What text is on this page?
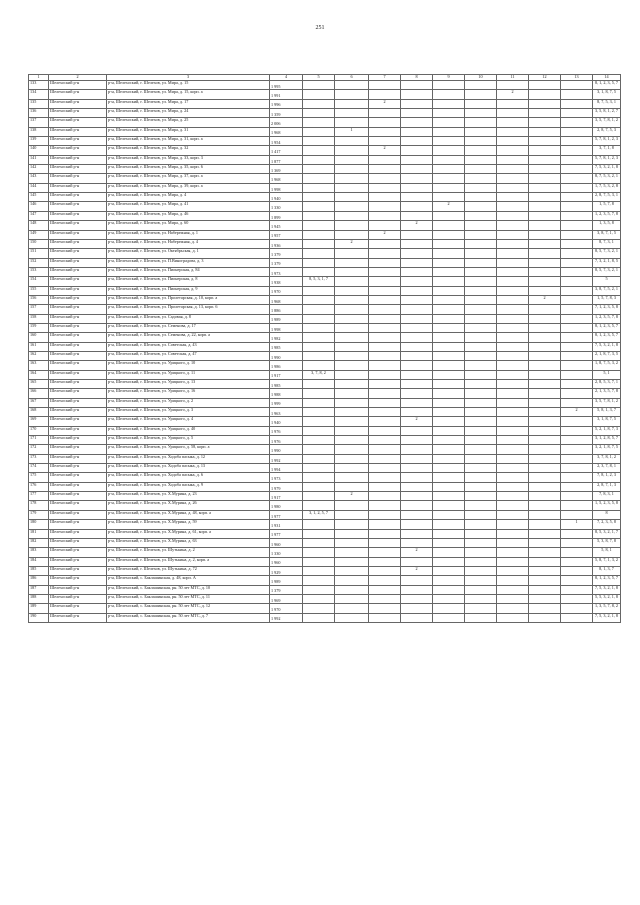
251
1	2	3	4	5	6	7	8	9	10	11	12	13	14
133	Шелехоский р-н	р-н, Шелехоский, г. Шелехов, ул. Мира, д. 15	1 995										8, 1, 2, 3, 5, 7
134	Шелехоский р-н	р-н, Шелехоский, г. Шелехов, ул. Мира, д. 15, корп. а	1 991							2			3, 1, 8, 7, 5
135	Шелехоский р-н	р-н, Шелехоский, г. Шелехов, ул. Мира, д. 17	1 996			2							8, 7, 5, 3, 1
136	Шелехоский р-н	р-н, Шелехоский, г. Шелехов, ул. Мира, д. 24	1 359										3, 5, 8, 1, 2, 7
137	Шелехоский р-н	р-н, Шелехоский, г. Шелехов, ул. Мира, д. 25	2 006										3, 5, 7, 8, 1, 2
138	Шелехоский р-н	р-н, Шелехоский, г. Шелехов, ул. Мира, д. 31	1 968		1								2, 8, 7, 5, 3
139	Шелехоский р-н	р-н, Шелехоский, г. Шелехов, ул. Мира, д. 31, корп. а	1 954										5, 7, 8, 1, 2, 3
140	Шелехоский р-н	р-н, Шелехоский, г. Шелехов, ул. Мира, д. 32	1 417			2							3, 7, 1, 8
141	Шелехоский р-н	р-н, Шелехоский, г. Шелехов, ул. Мира, д. 33, корп. 3	1 877										5, 7, 8, 1, 2, 3
142	Шелехоский р-н	р-н, Шелехоский, г. Шелехов, ул. Мира, д. 35, корп. 6	1 369										7, 5, 3, 2, 1, 8
143	Шелехоский р-н	р-н, Шелехоский, г. Шелехов, ул. Мира, д. 37, корп. а	1 968										8, 7, 5, 3, 2, 1
144	Шелехоский р-н	р-н, Шелехоский, г. Шелехов, ул. Мира, д. 39, корп. а	1 998										1, 7, 5, 3, 2, 8
145	Шелехоский р-н	р-н, Шелехоский, г. Шелехов, ул. Мира, д. 4	1 940										2, 8, 7, 5, 3, 1
146	Шелехоский р-н	р-н, Шелехоский, г. Шелехов, ул. Мира, д. 41	1 330					2					1, 5, 7, 8
147	Шелехоский р-н	р-н, Шелехоский, г. Шелехов, ул. Мира, д. 46	1 899										1, 2, 3, 5, 7, 8
148	Шелехоский р-н	р-н, Шелехоский, г. Шелехов, ул. Мира, д. 60	1 945				2						1, 3, 5, 8
149	Шелехоский р-н	р-н, Шелехоский, г. Шелехов, ул. Набережная, д. 1	1 957			2							3, 8, 7, 1, 5
150	Шелехоский р-н	р-н, Шелехоский, г. Шелехов, ул. Набережная, д. 4	1 936		2								8, 7, 3, 1
151	Шелехоский р-н	р-н, Шелехоский, г. Шелехов, ул. Октябрьская, д. 1	1 379										8, 5, 7, 3, 2, 1
152	Шелехоский р-н	р-н, Шелехоский, г. Шелехов, ул. П.Виноградова, д. 3	1 379										7, 3, 2, 1, 8, 5
153	Шелехоский р-н	р-н, Шелехоский, г. Шелехов, ул. Пионерская, д. 84	1 973										8, 5, 7, 3, 2, 1
154	Шелехоский р-н	р-н, Шелехоский, г. Шелехов, ул. Пионерская, д. 8	1 938	8, 5, 3, 1, 7									5
155	Шелехоский р-н	р-н, Шелехоский, г. Шелехов, ул. Пионерская, д. 9	1 970										3, 8, 7, 5, 2, 1
156	Шелехоский р-н	р-н, Шелехоский, г. Шелехов, ул. Пролетарская, д. 10, корп. а	1 968								2		1, 5, 7, 8, 3
157	Шелехоский р-н	р-н, Шелехоский, г. Шелехов, ул. Пролетарская, д. 13, корп. 6	1 886										7, 1, 2, 3, 5, 8
158	Шелехоский р-н	р-н, Шелехоский, г. Шелехов, ул. Садовая, д. 8	1 989										1, 2, 3, 5, 7, 8
159	Шелехоский р-н	р-н, Шелехоский, г. Шелехов, ул. Семенова, д. 17	1 998										8, 1, 2, 3, 5, 7
160	Шелехоский р-н	р-н, Шелехоский, г. Шелехов, ул. Семенова, д. 22, корп. а	1 982										8, 1, 2, 3, 5, 7
161	Шелехоский р-н	р-н, Шелехоский, г. Шелехов, ул. Советская, д. 43	1 985										7, 5, 3, 2, 1, 8
162	Шелехоский р-н	р-н, Шелехоский, г. Шелехов, ул. Советская, д. 47	1 990										2, 1, 8, 7, 3, 5
163	Шелехоский р-н	р-н, Шелехоский, г. Шелехов, ул. Урицкого, д. 10	1 986										1, 8, 7, 5, 3, 2
164	Шелехоский р-н	р-н, Шелехоский, г. Шелехов, ул. Урицкого, д. 11	1 917	3, 7, 8, 2									5, 1
165	Шелехоский р-н	р-н, Шелехоский, г. Шелехов, ул. Урицкого, д. 13	1 985										2, 8, 5, 3, 7, 1
166	Шелехоский р-н	р-н, Шелехоский, г. Шелехов, ул. Урицкого, д. 16	1 988										2, 1, 3, 5, 7, 8
167	Шелехоский р-н	р-н, Шелехоский, г. Шелехов, ул. Урицкого, д. 2	1 999										3, 5, 7, 8, 1, 2
168	Шелехоский р-н	р-н, Шелехоский, г. Шелехов, ул. Урицкого, д. 3	1 963									2	5, 8, 1, 3, 7
169	Шелехоский р-н	р-н, Шелехоский, г. Шелехов, ул. Урицкого, д. 4	1 940				2						3, 1, 8, 7, 5
170	Шелехоский р-н	р-н, Шелехоский, г. Шелехов, ул. Урицкого, д. 40	1 976										5, 2, 1, 8, 7, 3
171	Шелехоский р-н	р-н, Шелехоский, г. Шелехов, ул. Урицкого, д. 5	1 976										3, 1, 2, 8, 5, 7
172	Шелехоский р-н	р-н, Шелехоский, г. Шелехов, ул. Урицкого, д. 58, корп. а	1 990										3, 2, 1, 8, 7, 5
173	Шелехоский р-н	р-н, Шелехоский, г. Шелехов, ул. Ходоба пасыка, д. 12	1 992										3, 7, 8, 1, 2
174	Шелехоский р-н	р-н, Шелехоский, г. Шелехов, ул. Ходоба пасыка, д. 13	1 994										2, 3, 7, 8, 1
175	Шелехоский р-н	р-н, Шелехоский, г. Шелехов, ул. Ходоба пасыка, д. 6	1 973										7, 8, 1, 2, 3
176	Шелехоский р-н	р-н, Шелехоский, г. Шелехов, ул. Ходоба пасыка, д. 9	1 979										2, 8, 7, 1, 3
177	Шелехоский р-н	р-н, Шелехоский, г. Шелехов, ул. Х.Мурина, д. 23	1 917		2								7, 8, 3, 1
178	Шелехоский р-н	р-н, Шелехоский, г. Шелехов, ул. Х.Мурина, д. 26	1 980										1, 5, 2, 3, 5, 8
179	Шелехоский р-н	р-н, Шелехоский, г. Шелехов, ул. Х.Мурина, д. 48, корп. а	1 977	3, 1, 2, 5, 7									8
180	Шелехоский р-н	р-н, Шелехоский, г. Шелехов, ул. Х.Мурина, д. 59	1 931									1	7, 2, 3, 5, 8
181	Шелехоский р-н	р-н, Шелехоский, г. Шелехов, ул. Х.Мурина, д. 61, корп. а	1 977										8, 5, 3, 2, 1, 7
182	Шелехоский р-н	р-н, Шелехоский, г. Шелехов, ул. Х.Мурина, д. 63	1 960										5, 3, 8, 7, 8
183	Шелехоский р-н	р-н, Шелехоский, г. Шелехов, ул. Шутькина, д. 2	1 330				2						5, 8, 1
184	Шелехоский р-н	р-н, Шелехоский, г. Шелехов, ул. Шутькина, д. 2, корп. а	1 960										5, 8, 7, 1, 3, 2
185	Шелехоский р-н	р-н, Шелехоский, г. Шелехов, ул. Шутькина, д. 72	1 929				2						8, 1, 3, 7
186	Шелехоский р-н	р-н, Шелехоский, с. Баклашинская, д. 48, корп. А	1 989										8, 1, 2, 3, 5, 7
187	Шелехоский р-н	р-н, Шелехоский, с. Баклашинская, рн. 50 лет МТС, д. 10	1 379										7, 5, 3, 2, 1, 8
188	Шелехоский р-н	р-н, Шелехоский, с. Баклашинская, рн. 50 лет МТС, д. 11	1 969										5, 5, 3, 2, 1, 8
189	Шелехоский р-н	р-н, Шелехоский, с. Баклашинская, рн. 50 лет МТС, д. 12	1 970										1, 3, 5, 7, 8, 2
190	Шелехоский р-н	р-н, Шелехоский, с. Баклашинская, рн. 50 лет МТС, д. 7	1 992										7, 5, 3, 2, 1, 8
